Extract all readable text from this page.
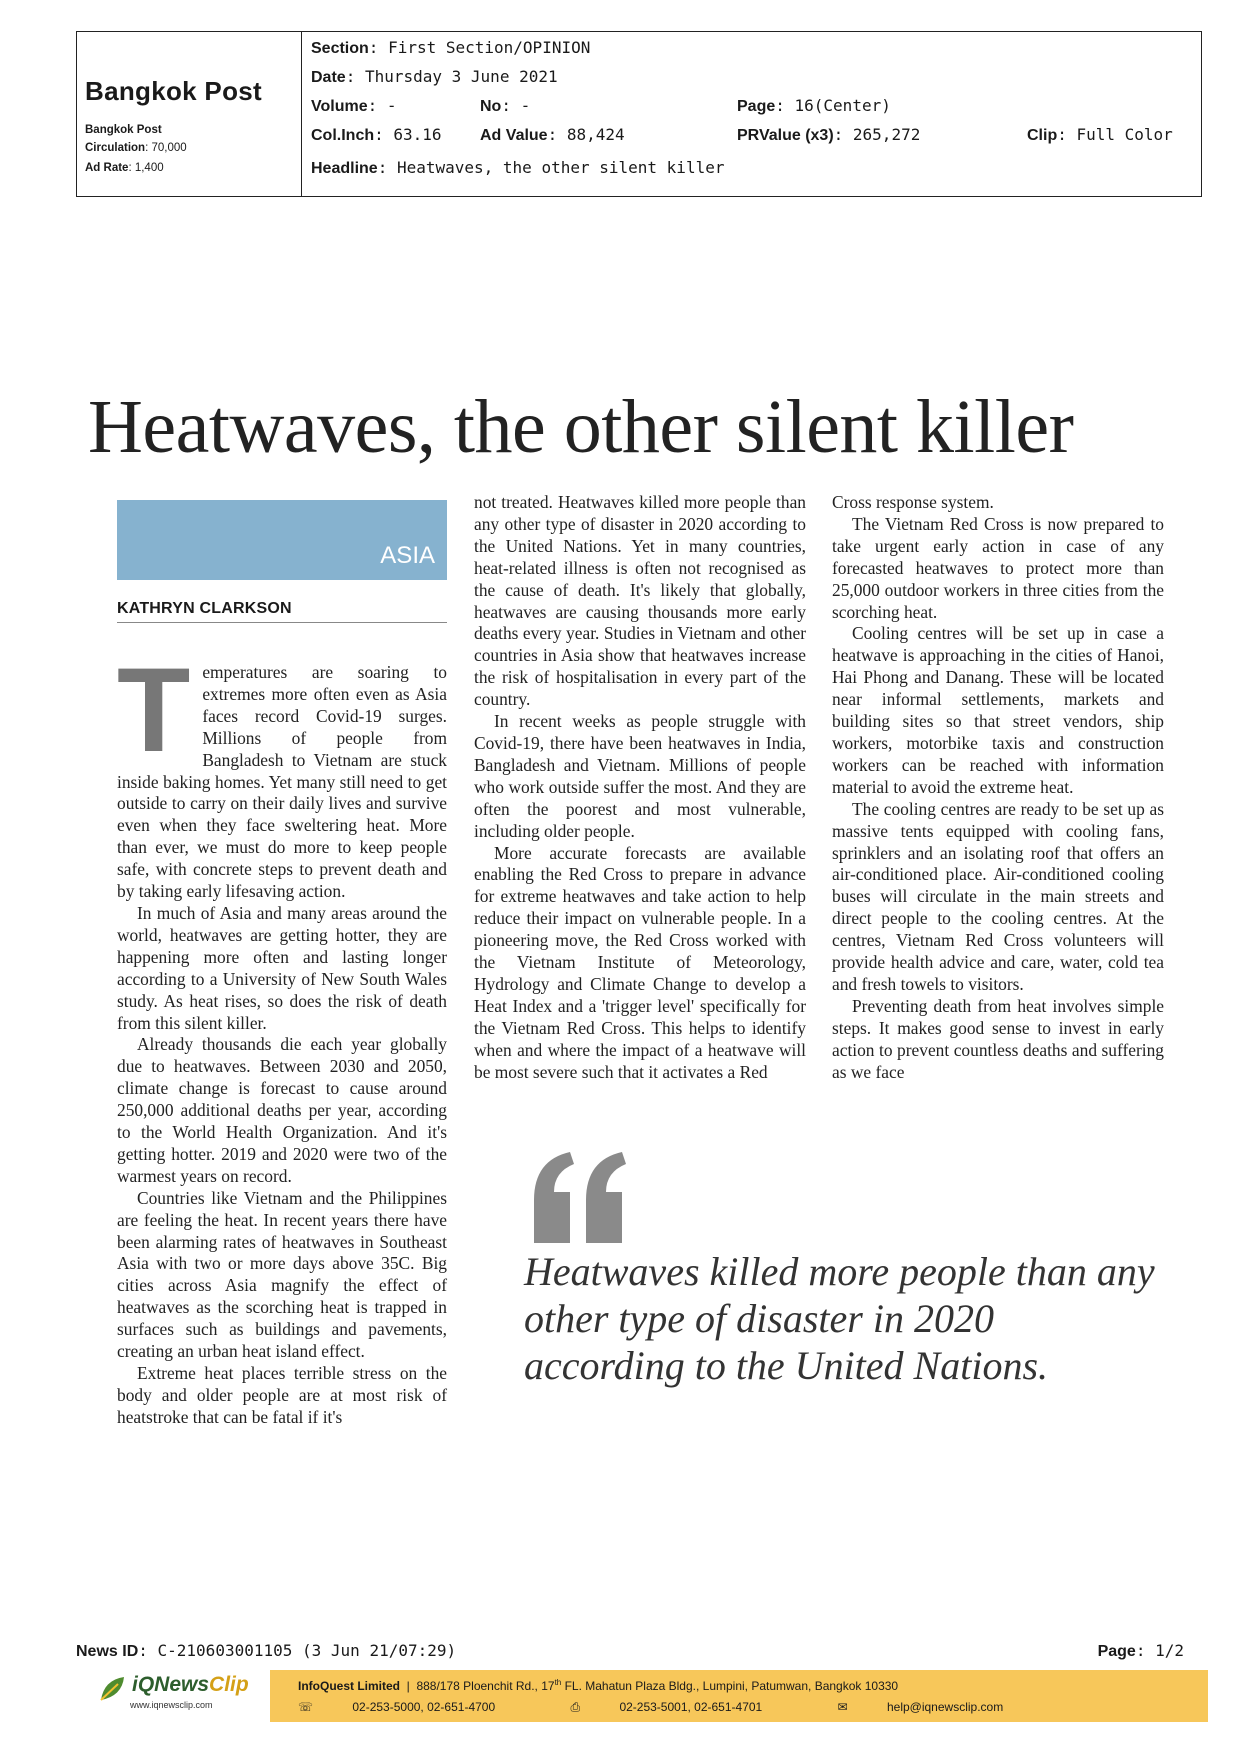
Bangkok Post
Bangkok Post
Circulation: 70,000
Ad Rate: 1,400
Section: First Section/OPINION
Date: Thursday 3 June 2021
Volume: -	No: -	Page: 16(Center)
Col.Inch: 63.16 Ad Value: 88,424	PRValue (x3): 265,272	Clip: Full Color
Headline: Heatwaves, the other silent killer
Heatwaves, the other silent killer
ASIA
KATHRYN CLARKSON

Temperatures are soaring to extremes more often even as Asia faces record Covid-19 surges. Millions of people from Bangladesh to Vietnam are stuck inside baking homes. Yet many still need to get outside to carry on their daily lives and survive even when they face sweltering heat. More than ever, we must do more to keep people safe, with concrete steps to prevent death and by taking early lifesaving action.

In much of Asia and many areas around the world, heatwaves are getting hotter, they are happening more often and lasting longer according to a University of New South Wales study. As heat rises, so does the risk of death from this silent killer.

Already thousands die each year globally due to heatwaves. Between 2030 and 2050, climate change is forecast to cause around 250,000 additional deaths per year, according to the World Health Organization. And it's getting hotter. 2019 and 2020 were two of the warmest years on record.

Countries like Vietnam and the Philippines are feeling the heat. In recent years there have been alarming rates of heatwaves in Southeast Asia with two or more days above 35C. Big cities across Asia magnify the effect of heatwaves as the scorching heat is trapped in surfaces such as buildings and pavements, creating an urban heat island effect.

Extreme heat places terrible stress on the body and older people are at most risk of heatstroke that can be fatal if it's

not treated. Heatwaves killed more people than any other type of disaster in 2020 according to the United Nations. Yet in many countries, heat-related illness is often not recognised as the cause of death. It's likely that globally, heatwaves are causing thousands more early deaths every year. Studies in Vietnam and other countries in Asia show that heatwaves increase the risk of hospitalisation in every part of the country.

In recent weeks as people struggle with Covid-19, there have been heatwaves in India, Bangladesh and Vietnam. Millions of people who work outside suffer the most. And they are often the poorest and most vulnerable, including older people.

More accurate forecasts are available enabling the Red Cross to prepare in advance for extreme heatwaves and take action to help reduce their impact on vulnerable people. In a pioneering move, the Red Cross worked with the Vietnam Institute of Meteorology, Hydrology and Climate Change to develop a Heat Index and a 'trigger level' specifically for the Vietnam Red Cross. This helps to identify when and where the impact of a heatwave will be most severe such that it activates a Red

Cross response system.

The Vietnam Red Cross is now prepared to take urgent early action in case of any forecasted heatwaves to protect more than 25,000 outdoor workers in three cities from the scorching heat.

Cooling centres will be set up in case a heatwave is approaching in the cities of Hanoi, Hai Phong and Danang. These will be located near informal settlements, markets and building sites so that street vendors, ship workers, motorbike taxis and construction workers can be reached with information material to avoid the extreme heat.

The cooling centres are ready to be set up as massive tents equipped with cooling fans, sprinklers and an isolating roof that offers an air-conditioned place. Air-conditioned cooling buses will circulate in the main streets and direct people to the cooling centres. At the centres, Vietnam Red Cross volunteers will provide health advice and care, water, cold tea and fresh towels to visitors.

Preventing death from heat involves simple steps. It makes good sense to invest in early action to prevent countless deaths and suffering as we face

Heatwaves killed more people than any other type of disaster in 2020 according to the United Nations.
News ID: C-210603001105 (3 Jun 21/07:29)	Page: 1/2
iQNewsClip
www.iqnewsclip.com
InfoQuest Limited  |  888/178 Ploenchit Rd., 17th FL. Mahatun Plaza Bldg., Lumpini, Patumwan, Bangkok 10330
☏	02-253-5000, 02-651-4700	⎙	02-253-5001, 02-651-4701	✉	help@iqnewsclip.com
